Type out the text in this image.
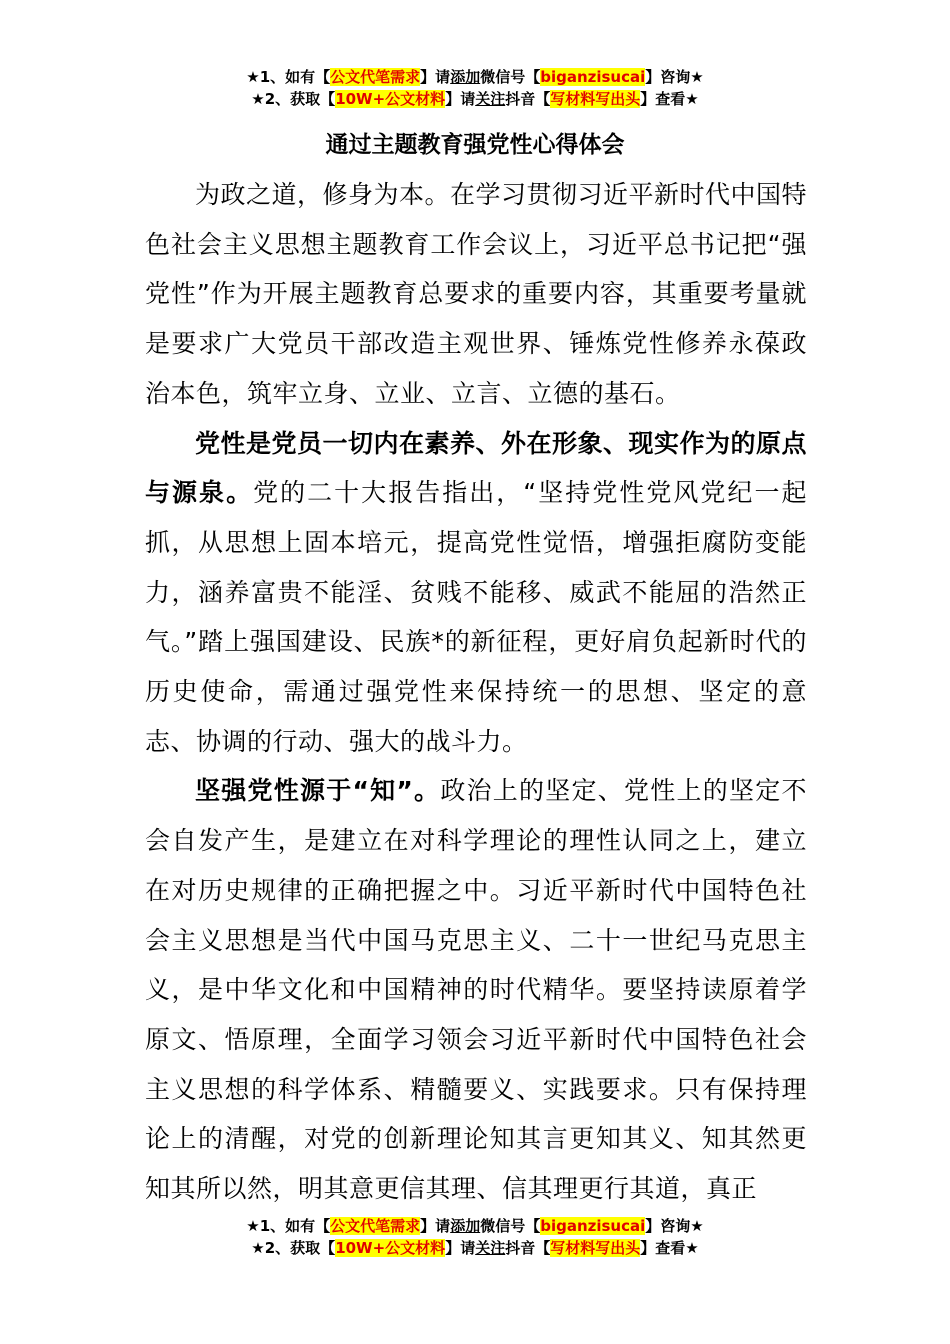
★1、如有【公文代笔需求】请添加微信号【biganzisucai】咨询★
★2、获取【10W+公文材料】请关注抖音【写材料写出头】查看★
通过主题教育强党性心得体会

为政之道，修身为本。在学习贯彻习近平新时代中国特色社会主义思想主题教育工作会议上，习近平总书记把“强党性”作为开展主题教育总要求的重要内容，其重要考量就是要求广大党员干部改造主观世界、锤炼党性修养永葆政治本色，筑牢立身、立业、立言、立德的基石。

党性是党员一切内在素养、外在形象、现实作为的原点与源泉。党的二十大报告指出，“坚持党性党风党纪一起抓，从思想上固本培元，提高党性觉悟，增强拒腐防变能力，涵养富贵不能淫、贫贱不能移、威武不能屈的浩然正气。”踏上强国建设、民族*的新征程，更好肩负起新时代的历史使命，需通过强党性来保持统一的思想、坚定的意志、协调的行动、强大的战斗力。

坚强党性源于“知”。政治上的坚定、党性上的坚定不会自发产生，是建立在对科学理论的理性认同之上，建立在对历史规律的正确把握之中。习近平新时代中国特色社会主义思想是当代中国马克思主义、二十一世纪马克思主义，是中华文化和中国精神的时代精华。要坚持读原着学原文、悟原理，全面学习领会习近平新时代中国特色社会主义思想的科学体系、精髓要义、实践要求。只有保持理论上的清醒，对党的创新理论知其言更知其义、知其然更知其所以然，明其意更信其理、信其理更行其道，真正

★1、如有【公文代笔需求】请添加微信号【biganzisucai】咨询★
★2、获取【10W+公文材料】请关注抖音【写材料写出头】查看★
